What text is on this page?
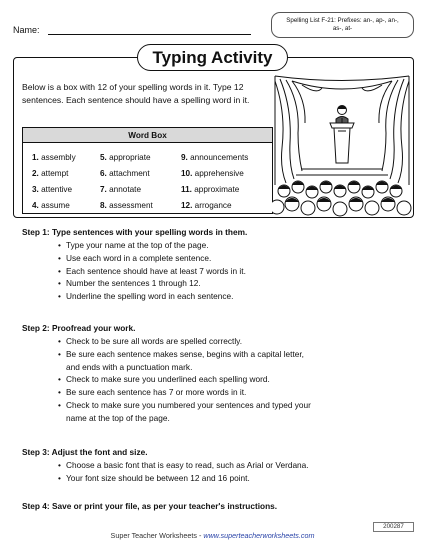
Name:
Spelling List F-21: Prefixes: an-, ap-, an-,
as-, at-
Typing Activity
Below is a box with 12 of your spelling words in it. Type 12 sentences. Each sentence should have a spelling word in it.
Word Box
1. assembly
2. attempt
3. attentive
4. assume
5. appropriate
6. attachment
7. annotate
8. assessment
9. announcements
10. apprehensive
11. approximate
12. arrogance
Step 1: Type sentences with your spelling words in them.
• Type your name at the top of the page.
• Use each word in a complete sentence.
• Each sentence should have at least 7 words in it.
• Number the sentences 1 through 12.
• Underline the spelling word in each sentence.
Step 2: Proofread your work.
• Check to be sure all words are spelled correctly.
• Be sure each sentence makes sense, begins with a capital letter,
and ends with a punctuation mark.
• Check to make sure you underlined each spelling word.
• Be sure each sentence has 7 or more words in it.
• Check to make sure you numbered your sentences and typed your
name at the top of the page.
Step 3: Adjust the font and size.
• Choose a basic font that is easy to read, such as Arial or Verdana.
• Your font size should be between 12 and 16 point.
Step 4: Save or print your file, as per your teacher's instructions.
200287
Super Teacher Worksheets - www.superteacherworksheets.com
